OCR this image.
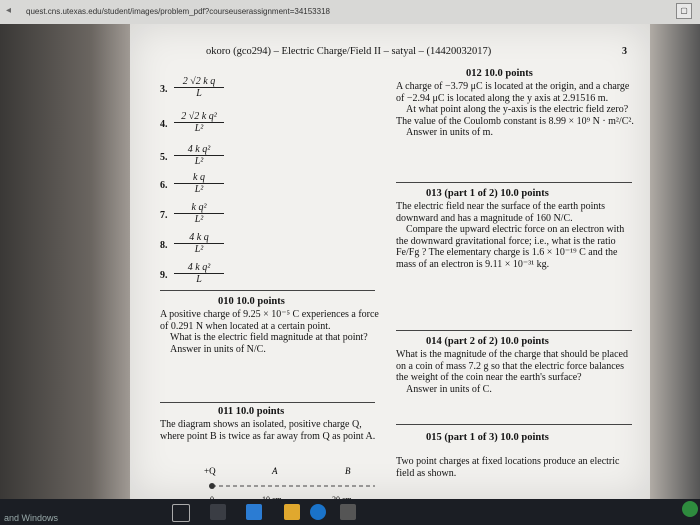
◂ quest.cns.utexas.edu/student/images/problem_pdf?courseuserassignment=34153318	▢
okoro (gco294) – Electric Charge/Field II – satyal – (14420032017)	3
3. $\frac{\text{2 √2 k q}}{L}$
4. $\frac{\text{2 √2 k q²}}{\text{L²}}$
5. $\frac{\text{4 k q²}}{\text{L²}}$
6. $\frac{\text{k q}}{\text{L²}}$
7. $\frac{\text{k q²}}{\text{L²}}$
8. $\frac{\text{4 k q}}{\text{L²}}$
9. $\frac{\text{4 k q²}}{L}$
010 10.0 points
A positive charge of 9.25 × 10⁻⁵ C experiences a force of 0.291 N when located at a certain point.
What is the electric field magnitude at that point?
Answer in units of N/C.
011 10.0 points
The diagram shows an isolated, positive charge Q, where point B is twice as far away from Q as point A.
+Q	A	B
012 10.0 points
A charge of −3.79 μC is located at the origin, and a charge of −2.94 μC is located along the y axis at 2.91516 m.
At what point along the y-axis is the electric field zero? The value of the Coulomb constant is 8.99 × 10⁹ N · m²/C².
Answer in units of m.
013 (part 1 of 2) 10.0 points
The electric field near the surface of the earth points downward and has a magnitude of 160 N/C.
Compare the upward electric force on an electron with the downward gravitational force; i.e., what is the ratio Fe/Fg ? The elementary charge is 1.6 × 10⁻¹⁹ C and the mass of an electron is 9.11 × 10⁻³¹ kg.
014 (part 2 of 2) 10.0 points
What is the magnitude of the charge that should be placed on a coin of mass 7.2 g so that the electric force balances the weight of the coin near the earth's surface?
Answer in units of C.
015 (part 1 of 3) 10.0 points
Two point charges at fixed locations produce an electric field as shown.
and Windows
